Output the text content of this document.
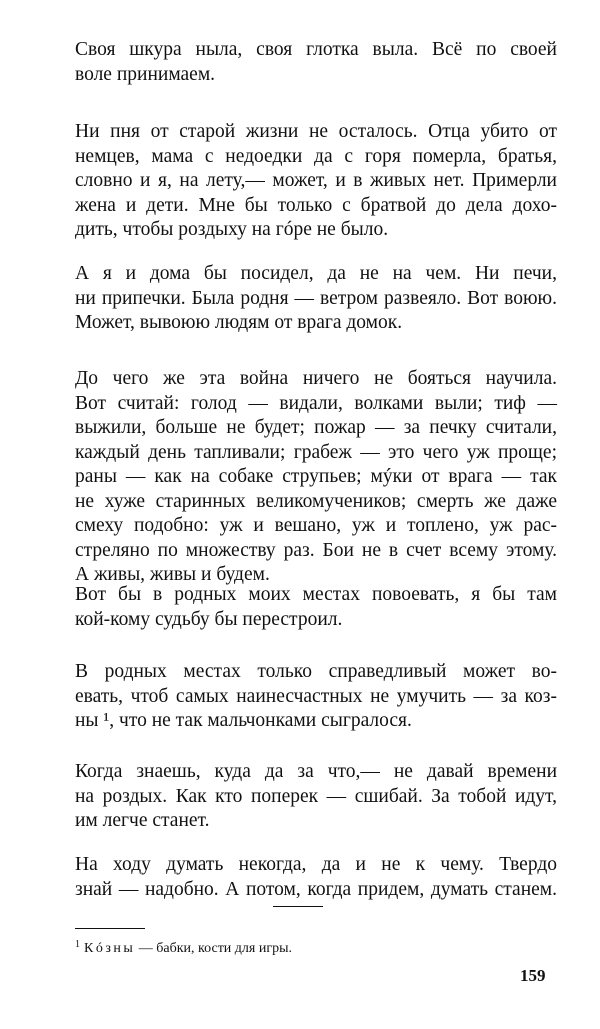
Своя шкура ныла, своя глотка выла. Всё по своей
воле принимаем.

Ни пня от старой жизни не осталось. Отца убито от
немцев, мама с недоедки да с горя померла, братья,
словно и я, на лету,— может, и в живых нет. Примерли
жена и дети. Мне бы только с братвой до дела дохо-
дить, чтобы роздыху на гóре не было.

А я и дома бы посидел, да не на чем. Ни печи,
ни припечки. Была родня — ветром развеяло. Вот воюю.
Может, вывоюю людям от врага домок.

До чего же эта война ничего не бояться научила.
Вот считай: голод — видали, волками выли; тиф —
выжили, больше не будет; пожар — за печку считали,
каждый день тапливали; грабеж — это чего уж проще;
раны — как на собаке струпьев; мýки от врага — так
не хуже старинных великомучеников; смерть же даже
смеху подобно: уж и вешано, уж и топлено, уж рас-
стреляно по множеству раз. Бои не в счет всему этому.
А живы, живы и будем.

Вот бы в родных моих местах повоевать, я бы там
кой-кому судьбу бы перестроил.

В родных местах только справедливый может во-
евать, чтоб самых наинесчастных не умучить — за коз-
ны ¹, что не так мальчонками сыгралося.

Когда знаешь, куда да за что,— не давай времени
на роздых. Как кто поперек — сшибай. За тобой идут,
им легче станет.

На ходу думать некогда, да и не к чему. Твердо
знай — надобно. А потом, когда придем, думать станем.

$^1$ Кóзны — бабки, кости для игры.
159
